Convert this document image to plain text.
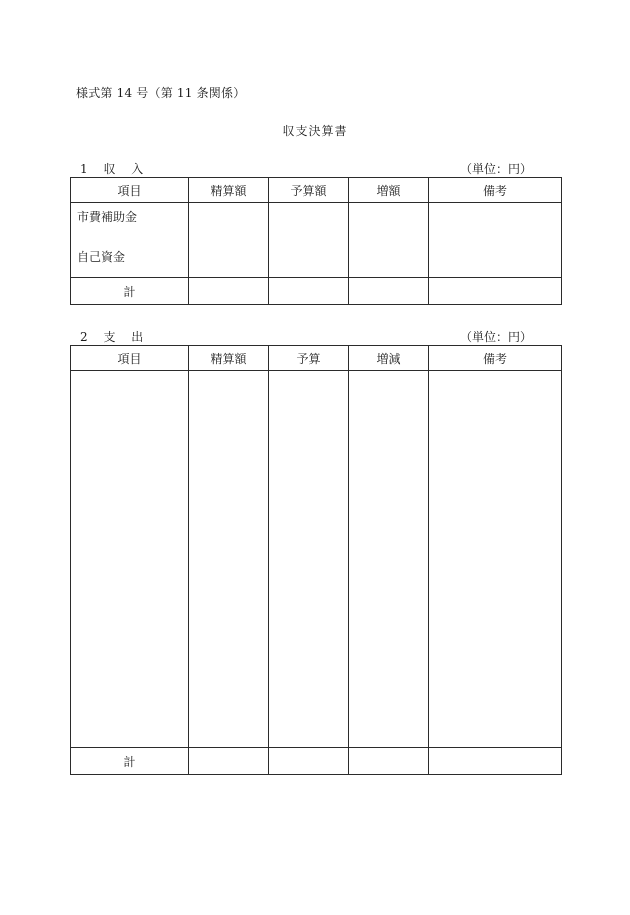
様式第 14 号（第 11 条関係）
収支決算書
1　 収　 入	（単位：円）
項目	精算額	予算額	増額	備考

市費補助金
自己資金				

計				
2　 支　 出	（単位：円）
項目	精算額	予算	増減	備考

計				
